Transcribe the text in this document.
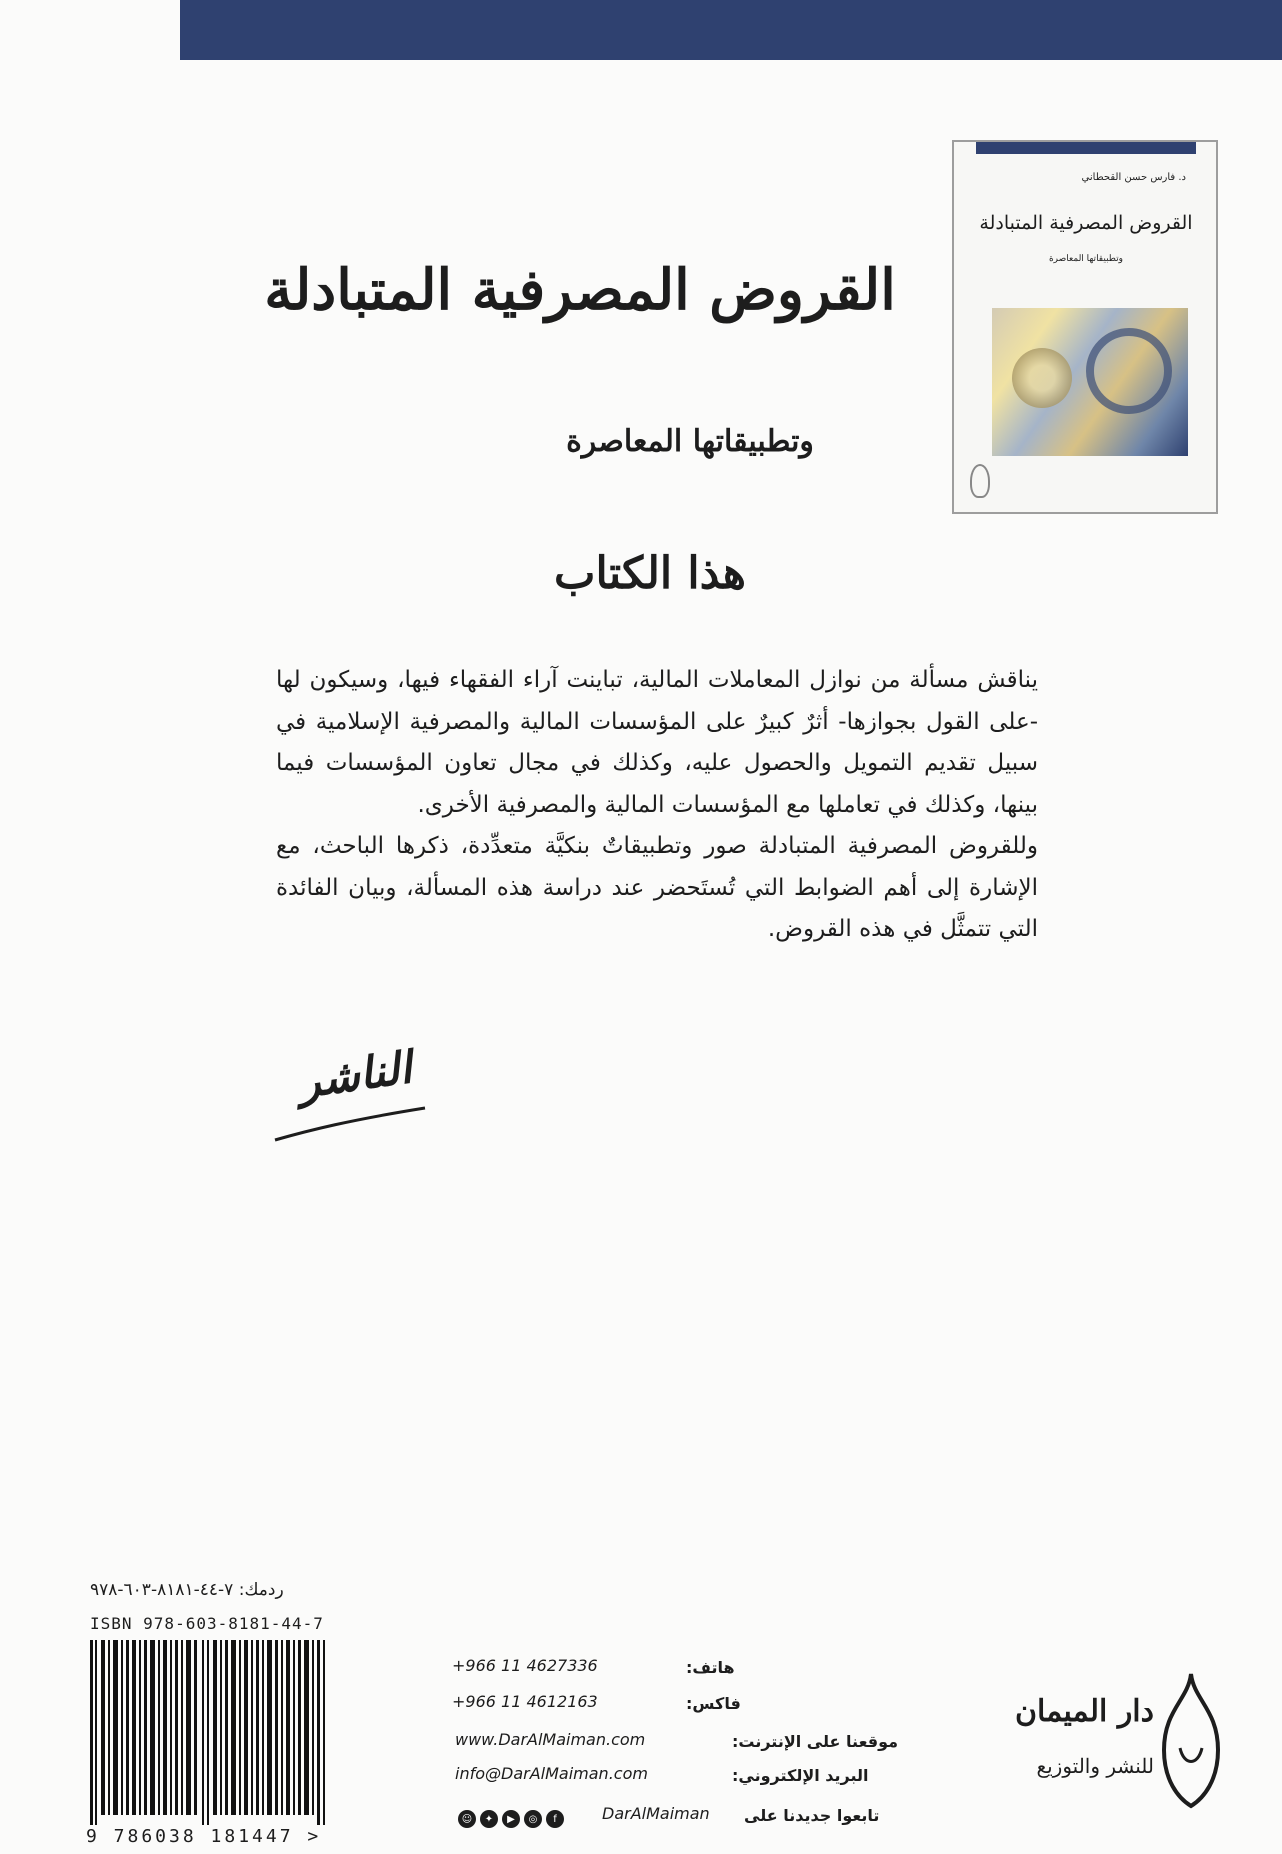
د. فارس حسن القحطاني
القروض المصرفية المتبادلة
وتطبيقاتها المعاصرة
القروض المصرفية المتبادلة
وتطبيقاتها المعاصرة
هذا الكتاب

يناقش مسألة من نوازل المعاملات المالية، تباينت آراء الفقهاء فيها، وسيكون لها -على القول بجوازها- أثرٌ كبيرٌ على المؤسسات المالية والمصرفية الإسلامية في سبيل تقديم التمويل والحصول عليه، وكذلك في مجال تعاون المؤسسات فيما بينها، وكذلك في تعاملها مع المؤسسات المالية والمصرفية الأخرى.

وللقروض المصرفية المتبادلة صور وتطبيقاتٌ بنكيَّة متعدِّدة، ذكرها الباحث، مع الإشارة إلى أهم الضوابط التي تُستَحضر عند دراسة هذه المسألة، وبيان الفائدة التي تتمثَّل في هذه القروض.

الناشر
ردمك: ٧-٤٤-٨١٨١-٦٠٣-٩٧٨
ISBN 978-603-8181-44-7
9 786038 181447 >
هاتف:
+966 11 4627336
فاكس:
+966 11 4612163
موقعنا على الإنترنت:
www.DarAlMaiman.com
البريد الإلكتروني:
info@DarAlMaiman.com
تابعوا جديدنا على
DarAlMaiman
☺	✦	▶	◎	f
دار الميمان
للنشر والتوزيع
